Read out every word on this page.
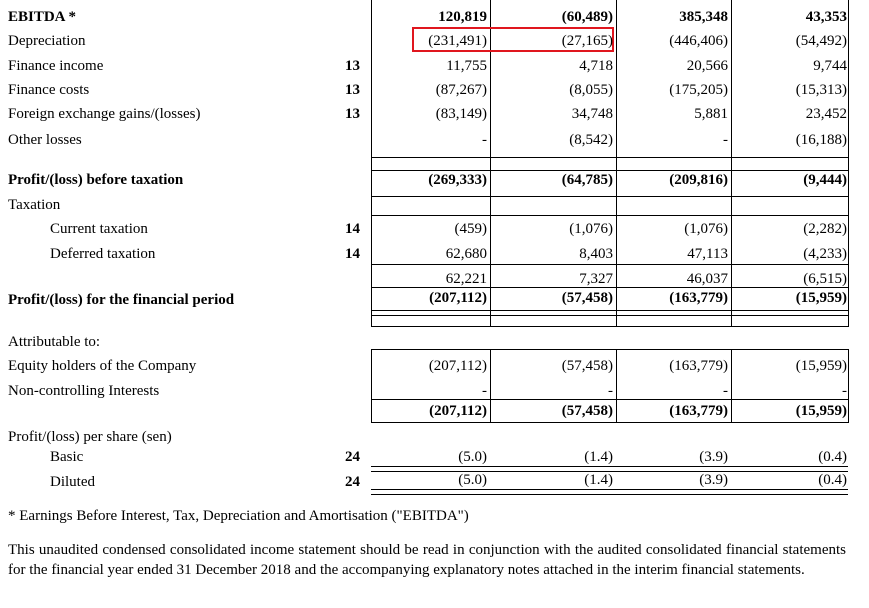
EBITDA *	120,819	(60,489)	385,348	43,353
Depreciation	(231,491)	(27,165)	(446,406)	(54,492)
Finance income	13	11,755	4,718	20,566	9,744
Finance costs	13	(87,267)	(8,055)	(175,205)	(15,313)
Foreign exchange gains/(losses)	13	(83,149)	34,748	5,881	23,452
Other losses	-	(8,542)	-	(16,188)
Profit/(loss) before taxation	(269,333)	(64,785)	(209,816)	(9,444)
Taxation
Current taxation	14	(459)	(1,076)	(1,076)	(2,282)
Deferred taxation	14	62,680	8,403	47,113	(4,233)
62,221	7,327	46,037	(6,515)
Profit/(loss) for the financial period	(207,112)	(57,458)	(163,779)	(15,959)
Attributable to:
Equity holders of the Company	(207,112)	(57,458)	(163,779)	(15,959)
Non-controlling Interests	-	-	-	-
(207,112)	(57,458)	(163,779)	(15,959)
Profit/(loss) per share (sen)
Basic	24	(5.0)	(1.4)	(3.9)	(0.4)
Diluted	24	(5.0)	(1.4)	(3.9)	(0.4)
* Earnings Before Interest, Tax, Depreciation and Amortisation ("EBITDA")
This unaudited condensed consolidated income statement should be read in conjunction with the audited consolidated financial statements for the financial year ended 31 December 2018 and the accompanying explanatory notes attached in the interim financial statements.
